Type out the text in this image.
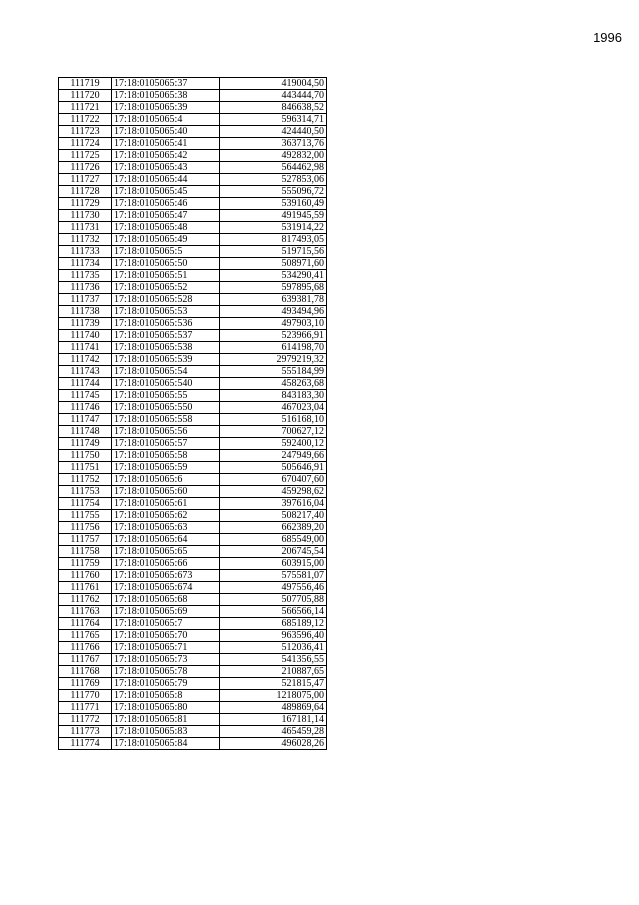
1996
111719	17:18:0105065:37	419004,50
111720	17:18:0105065:38	443444,70
111721	17:18:0105065:39	846638,52
111722	17:18:0105065:4	596314,71
111723	17:18:0105065:40	424440,50
111724	17:18:0105065:41	363713,76
111725	17:18:0105065:42	492832,00
111726	17:18:0105065:43	564462,98
111727	17:18:0105065:44	527853,06
111728	17:18:0105065:45	555096,72
111729	17:18:0105065:46	539160,49
111730	17:18:0105065:47	491945,59
111731	17:18:0105065:48	531914,22
111732	17:18:0105065:49	817493,05
111733	17:18:0105065:5	519715,56
111734	17:18:0105065:50	508971,60
111735	17:18:0105065:51	534290,41
111736	17:18:0105065:52	597895,68
111737	17:18:0105065:528	639381,78
111738	17:18:0105065:53	493494,96
111739	17:18:0105065:536	497903,10
111740	17:18:0105065:537	523966,91
111741	17:18:0105065:538	614198,70
111742	17:18:0105065:539	2979219,32
111743	17:18:0105065:54	555184,99
111744	17:18:0105065:540	458263,68
111745	17:18:0105065:55	843183,30
111746	17:18:0105065:550	467023,04
111747	17:18:0105065:558	516168,10
111748	17:18:0105065:56	700627,12
111749	17:18:0105065:57	592400,12
111750	17:18:0105065:58	247949,66
111751	17:18:0105065:59	505646,91
111752	17:18:0105065:6	670407,60
111753	17:18:0105065:60	459298,62
111754	17:18:0105065:61	397616,04
111755	17:18:0105065:62	508217,40
111756	17:18:0105065:63	662389,20
111757	17:18:0105065:64	685549,00
111758	17:18:0105065:65	206745,54
111759	17:18:0105065:66	603915,00
111760	17:18:0105065:673	575581,07
111761	17:18:0105065:674	497556,46
111762	17:18:0105065:68	507705,88
111763	17:18:0105065:69	566566,14
111764	17:18:0105065:7	685189,12
111765	17:18:0105065:70	963596,40
111766	17:18:0105065:71	512036,41
111767	17:18:0105065:73	541356,55
111768	17:18:0105065:78	210887,65
111769	17:18:0105065:79	521815,47
111770	17:18:0105065:8	1218075,00
111771	17:18:0105065:80	489869,64
111772	17:18:0105065:81	167181,14
111773	17:18:0105065:83	465459,28
111774	17:18:0105065:84	496028,26
